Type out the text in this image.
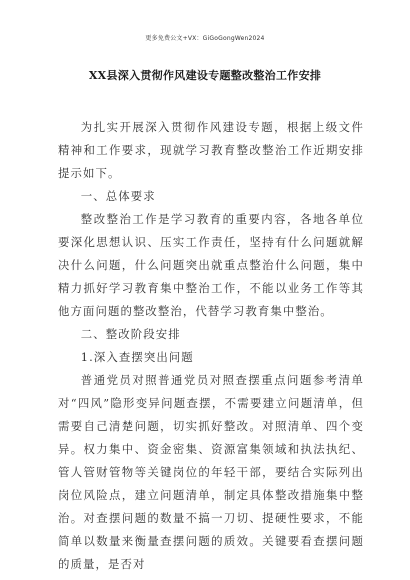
更多免费公文+VX：GiGoGongWen2024
XX县深入贯彻作风建设专题整改整治工作安排

为扎实开展深入贯彻作风建设专题，根据上级文件精神和工作要求，现就学习教育整改整治工作近期安排提示如下。

一、总体要求

整改整治工作是学习教育的重要内容，各地各单位要深化思想认识、压实工作责任，坚持有什么问题就解决什么问题，什么问题突出就重点整治什么问题，集中精力抓好学习教育集中整治工作，不能以业务工作等其他方面问题的整改整治，代替学习教育集中整治。

二、整改阶段安排

1.深入查摆突出问题

普通党员对照普通党员对照查摆重点问题参考清单对“四风”隐形变异问题查摆，不需要建立问题清单，但需要自己清楚问题，切实抓好整改。对照清单、四个变异。权力集中、资金密集、资源富集领域和执法执纪、管人管财管物等关键岗位的年轻干部，要结合实际列出岗位风险点，建立问题清单，制定具体整改措施集中整治。对查摆问题的数量不搞一刀切、提硬性要求，不能简单以数量来衡量查摆问题的质效。关键要看查摆问题的质量，是否对
